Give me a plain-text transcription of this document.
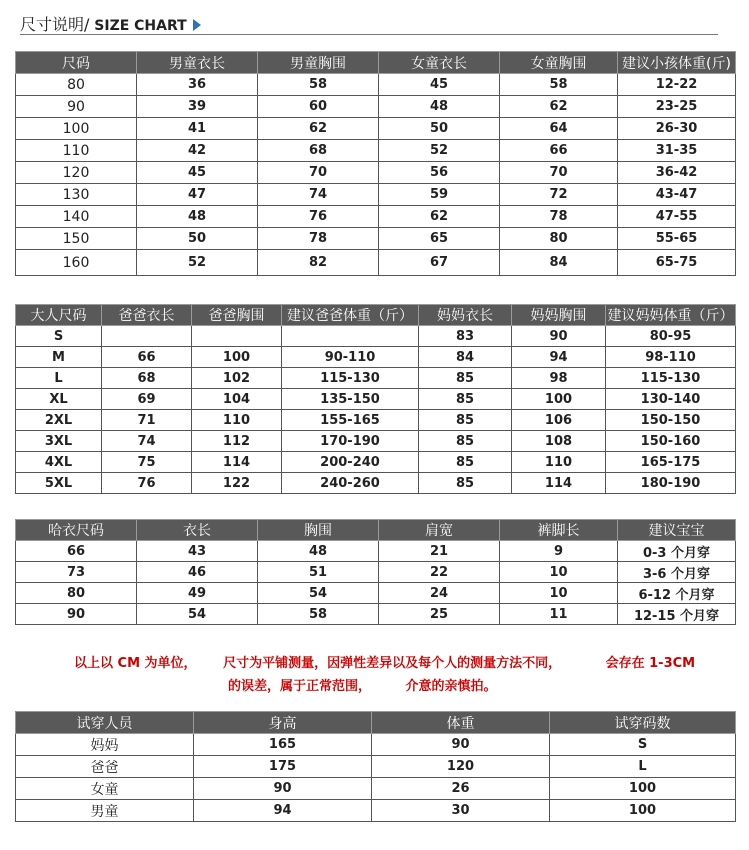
尺寸说明/ SIZE CHART
尺码	男童衣长	男童胸围	女童衣长	女童胸围	建议小孩体重(斤)
80	36	58	45	58	12-22
90	39	60	48	62	23-25
100	41	62	50	64	26-30
110	42	68	52	66	31-35
120	45	70	56	70	36-42
130	47	74	59	72	43-47
140	48	76	62	78	47-55
150	50	78	65	80	55-65
160	52	82	67	84	65-75
大人尺码	爸爸衣长	爸爸胸围	建议爸爸体重（斤）	妈妈衣长	妈妈胸围	建议妈妈体重（斤）
S				83	90	80-95
M	66	100	90-110	84	94	98-110
L	68	102	115-130	85	98	115-130
XL	69	104	135-150	85	100	130-140
2XL	71	110	155-165	85	106	150-150
3XL	74	112	170-190	85	108	150-160
4XL	75	114	200-240	85	110	165-175
5XL	76	122	240-260	85	114	180-190
哈衣尺码	衣长	胸围	肩宽	裤脚长	建议宝宝
66	43	48	21	9	0-3 个月穿
73	46	51	22	10	3-6 个月穿
80	49	54	24	10	6-12 个月穿
90	54	58	25	11	12-15 个月穿
以上以 CM 为单位， 尺寸为平铺测量，因弹性差异以及每个人的测量方法不同，	会存在 1-3CM
的误差，属于正常范围，	介意的亲慎拍。
试穿人员	身高	体重	试穿码数
妈妈	165	90	S
爸爸	175	120	L
女童	90	26	100
男童	94	30	100
